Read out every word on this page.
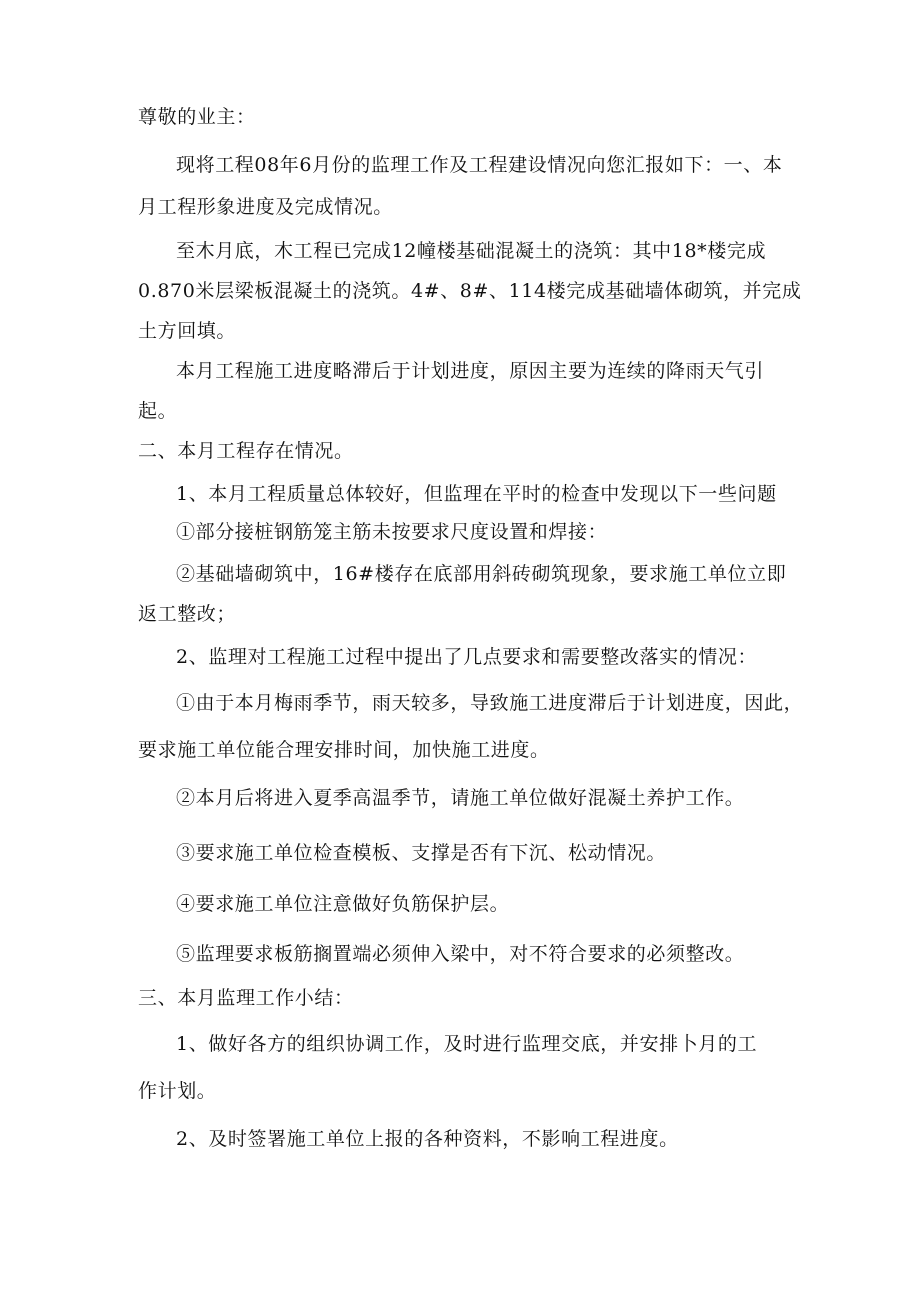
尊敬的业主：
现将工程08年6月份的监理工作及工程建设情况向您汇报如下：一、本
月工程形象进度及完成情况。
至木月底，木工程已完成12幢楼基础混凝土的浇筑：其中18*楼完成
0.870米层梁板混凝土的浇筑。4#、8#、114楼完成基础墙体砌筑，并完成
土方回填。
本月工程施工进度略滞后于计划进度，原因主要为连续的降雨天气引
起。
二、本月工程存在情况。
1、本月工程质量总体较好，但监理在平时的检查中发现以下一些问题
①部分接桩钢筋笼主筋未按要求尺度设置和焊接：
②基础墙砌筑中，16#楼存在底部用斜砖砌筑现象，要求施工单位立即
返工整改；
2、监理对工程施工过程中提出了几点要求和需要整改落实的情况：
①由于本月梅雨季节，雨天较多，导致施工进度滞后于计划进度，因此，
要求施工单位能合理安排时间，加快施工进度。
②本月后将进入夏季高温季节，请施工单位做好混凝土养护工作。
③要求施工单位检查模板、支撑是否有下沉、松动情况。
④要求施工单位注意做好负筋保护层。
⑤监理要求板筋搁置端必须伸入梁中，对不符合要求的必须整改。
三、本月监理工作小结：
1、做好各方的组织协调工作，及时进行监理交底，并安排卜月的工
作计划。
2、及时签署施工单位上报的各种资料，不影响工程进度。
